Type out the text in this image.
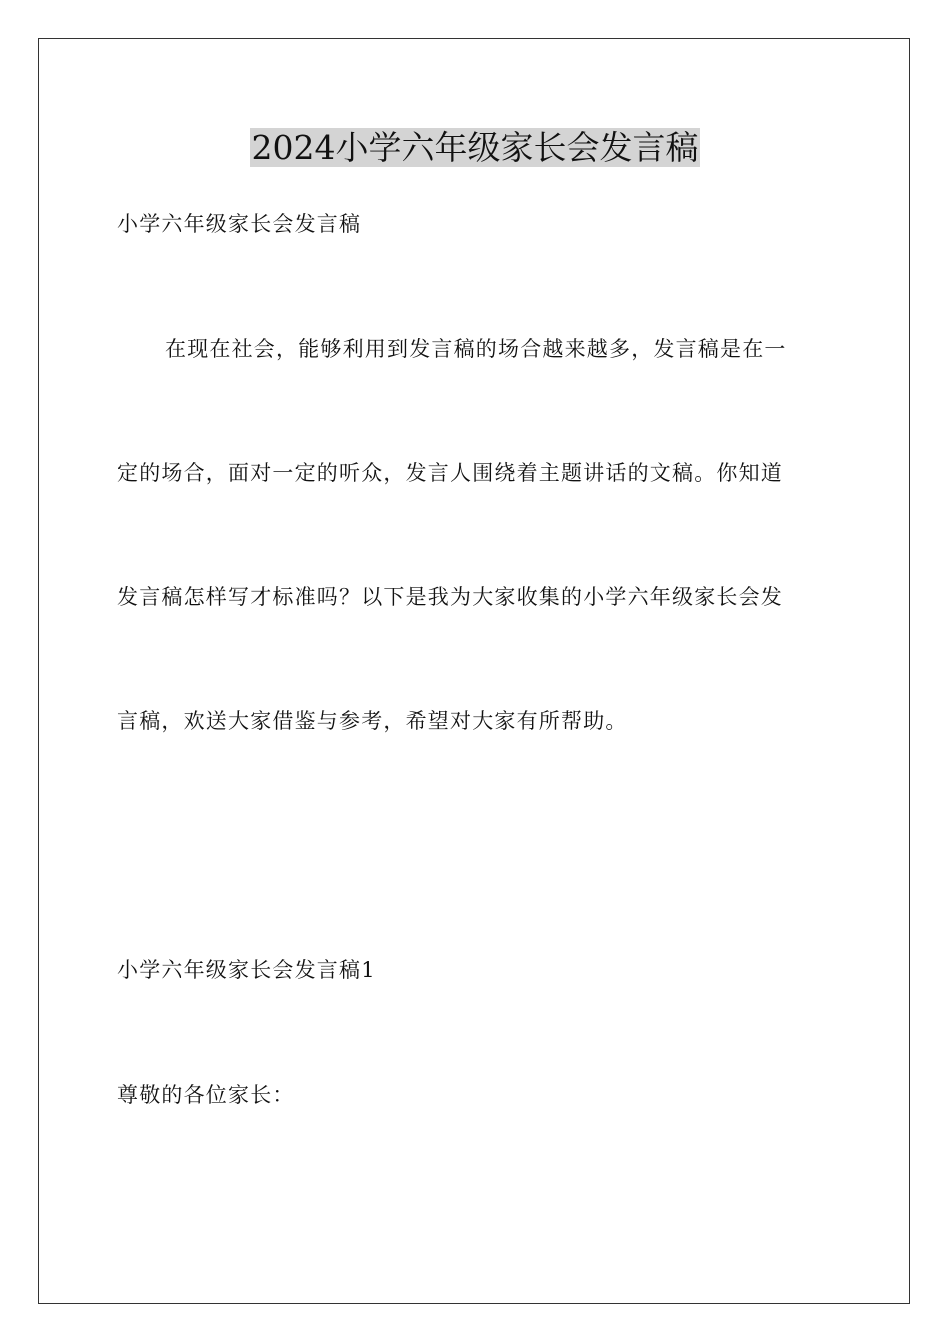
2024小学六年级家长会发言稿
小学六年级家长会发言稿
在现在社会，能够利用到发言稿的场合越来越多，发言稿是在一
定的场合，面对一定的听众，发言人围绕着主题讲话的文稿。你知道
发言稿怎样写才标准吗？以下是我为大家收集的小学六年级家长会发
言稿，欢送大家借鉴与参考，希望对大家有所帮助。
小学六年级家长会发言稿1
尊敬的各位家长：
